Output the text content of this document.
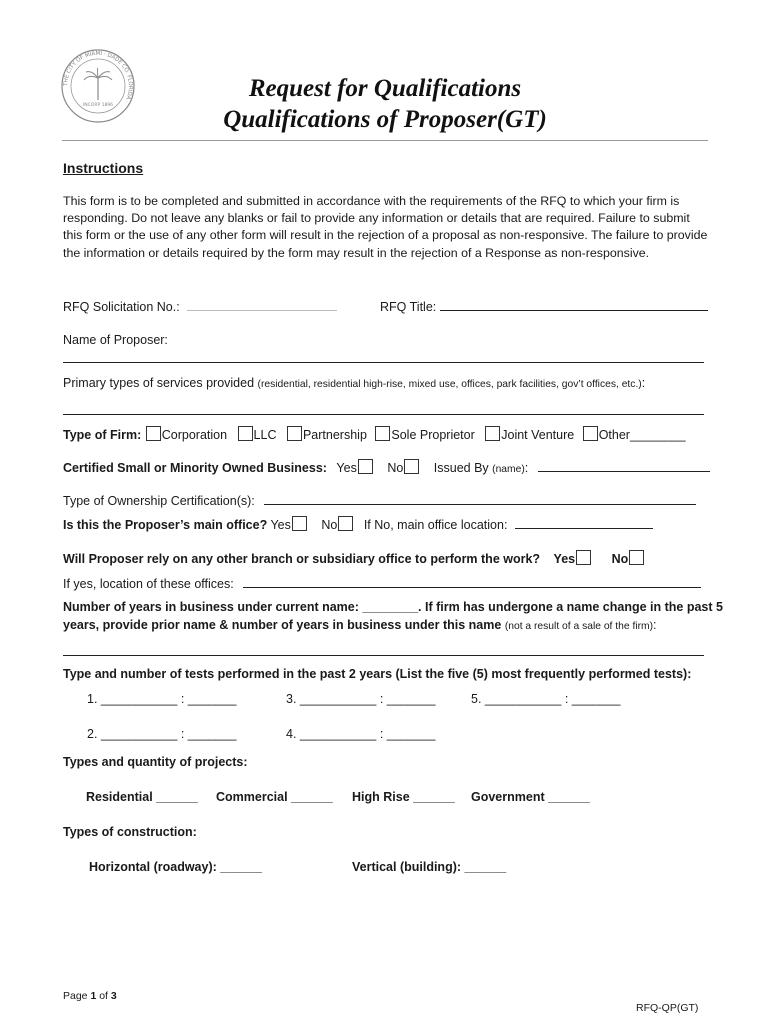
THE CITY OF MIAMI · DADE CO. FLORIDA
INCORP 1896
Request for Qualifications
Qualifications of Proposer(GT)
Instructions
This form is to be completed and submitted in accordance with the requirements of the RFQ to which your firm is responding. Do not leave any blanks or fail to provide any information or details that are required. Failure to submit this form or the use of any other form will result in the rejection of a proposal as non-responsive. The failure to provide the information or details required by the form may result in the rejection of a Response as non-responsive.
RFQ Solicitation No.:	RFQ Title:
Name of Proposer:
Primary types of services provided (residential, residential high-rise, mixed use, offices, park facilities, gov’t offices, etc.):
Type of Firm: Corporation LLC Partnership Sole Proprietor Joint Venture Other________
Certified Small or Minority Owned Business: Yes No Issued By (name):
Type of Ownership Certification(s):
Is this the Proposer’s main office? Yes No If No, main office location:
Will Proposer rely on any other branch or subsidiary office to perform the work? Yes	No
If yes, location of these offices:
Number of years in business under current name: ________. If firm has undergone a name change in the past 5
years, provide prior name & number of years in business under this name (not a result of a sale of the firm):
Type and number of tests performed in the past 2 years (List the five (5) most frequently performed tests):
1. ___________ : _______	3. ___________ : _______	5. ___________ : _______
2. ___________ : _______	4. ___________ : _______
Types and quantity of projects:
Residential ______ Commercial ______ High Rise ______ Government ______
Types of construction:
Horizontal (roadway): ______	Vertical (building): ______
Page 1 of 3
RFQ-QP(GT)
